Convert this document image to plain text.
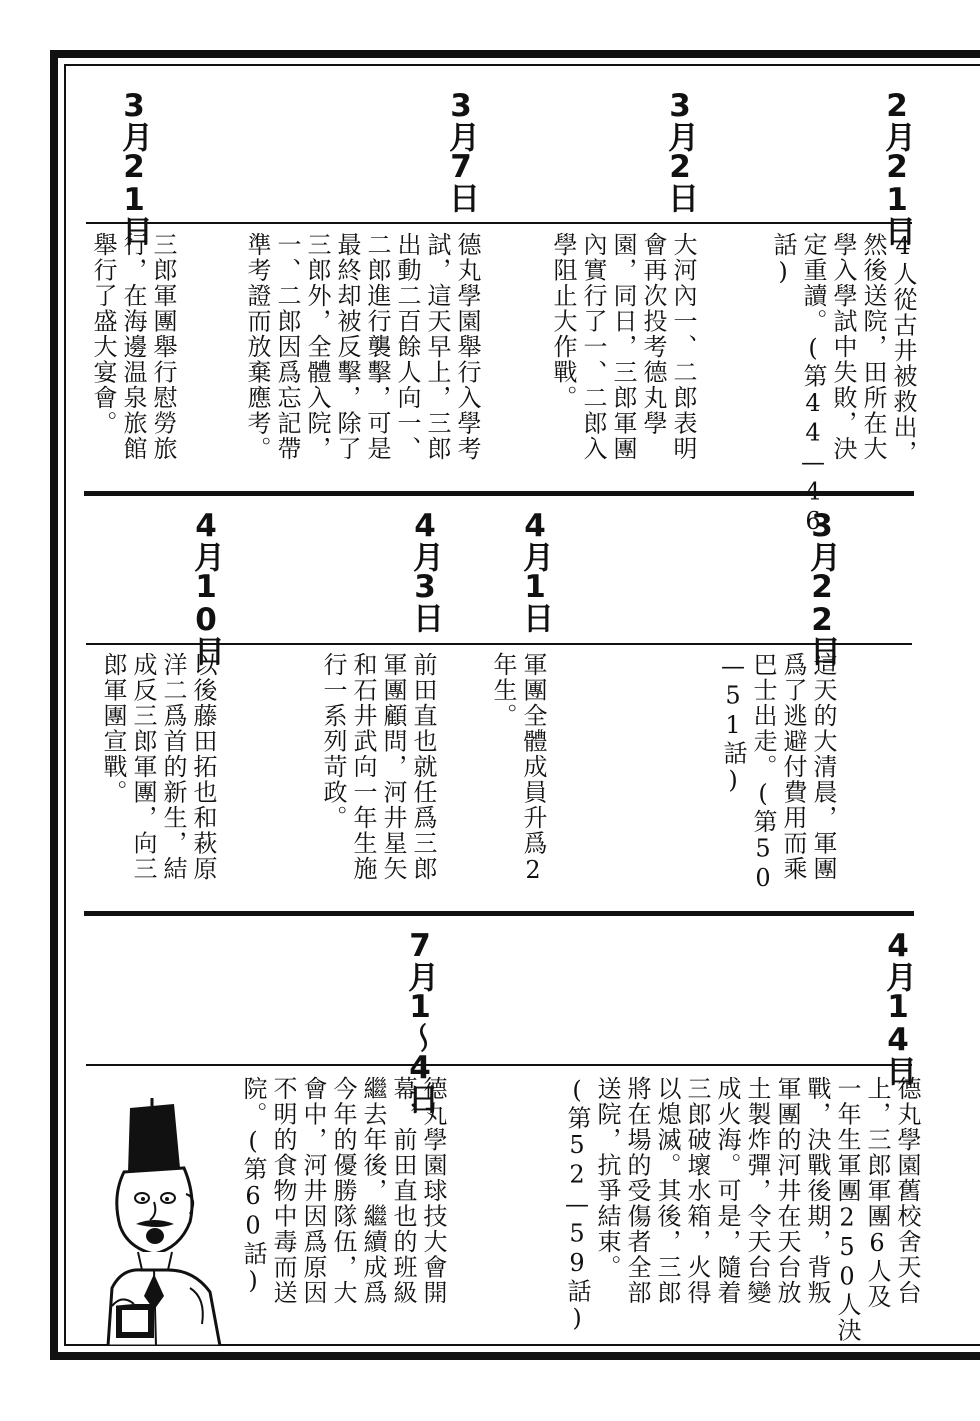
2月21日
4人從古井被救出，
然後送院，田所在大
學入學試中失敗，決
定重讀。(第44—46
話)
3月2日
大河內一、二郎表明
會再次投考德丸學
園，同日，三郎軍團
內實行了一、二郎入
學阻止大作戰。
3月7日
德丸學園舉行入學考
試，這天早上，三郎
出動二百餘人向一、
二郎進行襲擊，可是
最終却被反擊，除了
三郎外，全體入院，
一、二郎因爲忘記帶
準考證而放棄應考。
3月21日
三郎軍團舉行慰勞旅
行，在海邊温泉旅館
舉行了盛大宴會。
3月22日
這天的大清晨，軍團
爲了逃避付費用而乘
巴士出走。(第50
—51話)
4月1日
軍團全體成員升爲2
年生。
4月3日
前田直也就任爲三郎
軍團顧問，河井星矢
和石井武向一年生施
行一系列苛政。
4月10日
以後藤田拓也和萩原
洋二爲首的新生，結
成反三郎軍團，向三
郎軍團宣戰。
4月14日
德丸學園舊校舍天台
上，三郎軍團6人及
一年生軍團250人決
戰，決戰後期，背叛
軍團的河井在天台放
土製炸彈，令天台變
成火海。可是，隨着
三郎破壞水箱，火得
以熄滅。其後，三郎
將在場的受傷者全部
送院，抗爭結束。
(第52—59話)
7月1～4日
德丸學園球技大會開
幕，前田直也的班級
繼去年後，繼續成爲
今年的優勝隊伍，大
會中，河井因爲原因
不明的食物中毒而送
院。(第60話)
